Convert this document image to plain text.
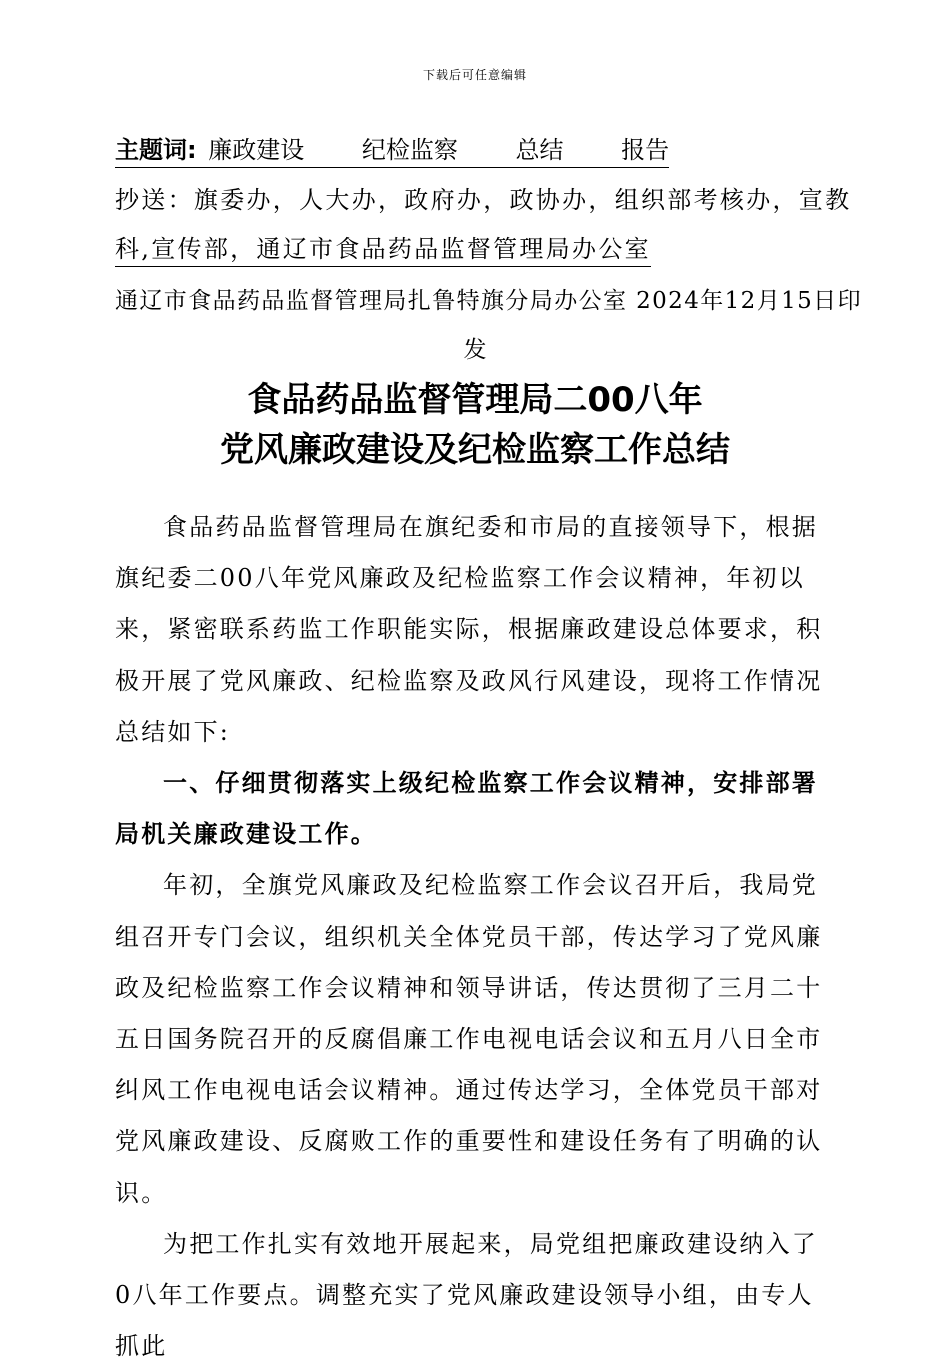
下载后可任意编辑
主题词: 廉政建设 纪检监察 总结 报告
抄送：旗委办，人大办，政府办，政协办，组织部考核办，宣教
科,宣传部，通辽市食品药品监督管理局办公室
通辽市食品药品监督管理局扎鲁特旗分局办公室 2024年12月15日印
发
食品药品监督管理局二00八年
党风廉政建设及纪检监察工作总结

食品药品监督管理局在旗纪委和市局的直接领导下，根据旗纪委二00八年党风廉政及纪检监察工作会议精神，年初以来，紧密联系药监工作职能实际，根据廉政建设总体要求，积极开展了党风廉政、纪检监察及政风行风建设，现将工作情况总结如下:

一、仔细贯彻落实上级纪检监察工作会议精神，安排部署局机关廉政建设工作。

年初，全旗党风廉政及纪检监察工作会议召开后，我局党组召开专门会议，组织机关全体党员干部，传达学习了党风廉政及纪检监察工作会议精神和领导讲话，传达贯彻了三月二十五日国务院召开的反腐倡廉工作电视电话会议和五月八日全市纠风工作电视电话会议精神。通过传达学习，全体党员干部对党风廉政建设、反腐败工作的重要性和建设任务有了明确的认识。

为把工作扎实有效地开展起来，局党组把廉政建设纳入了0八年工作要点。调整充实了党风廉政建设领导小组，由专人抓此
